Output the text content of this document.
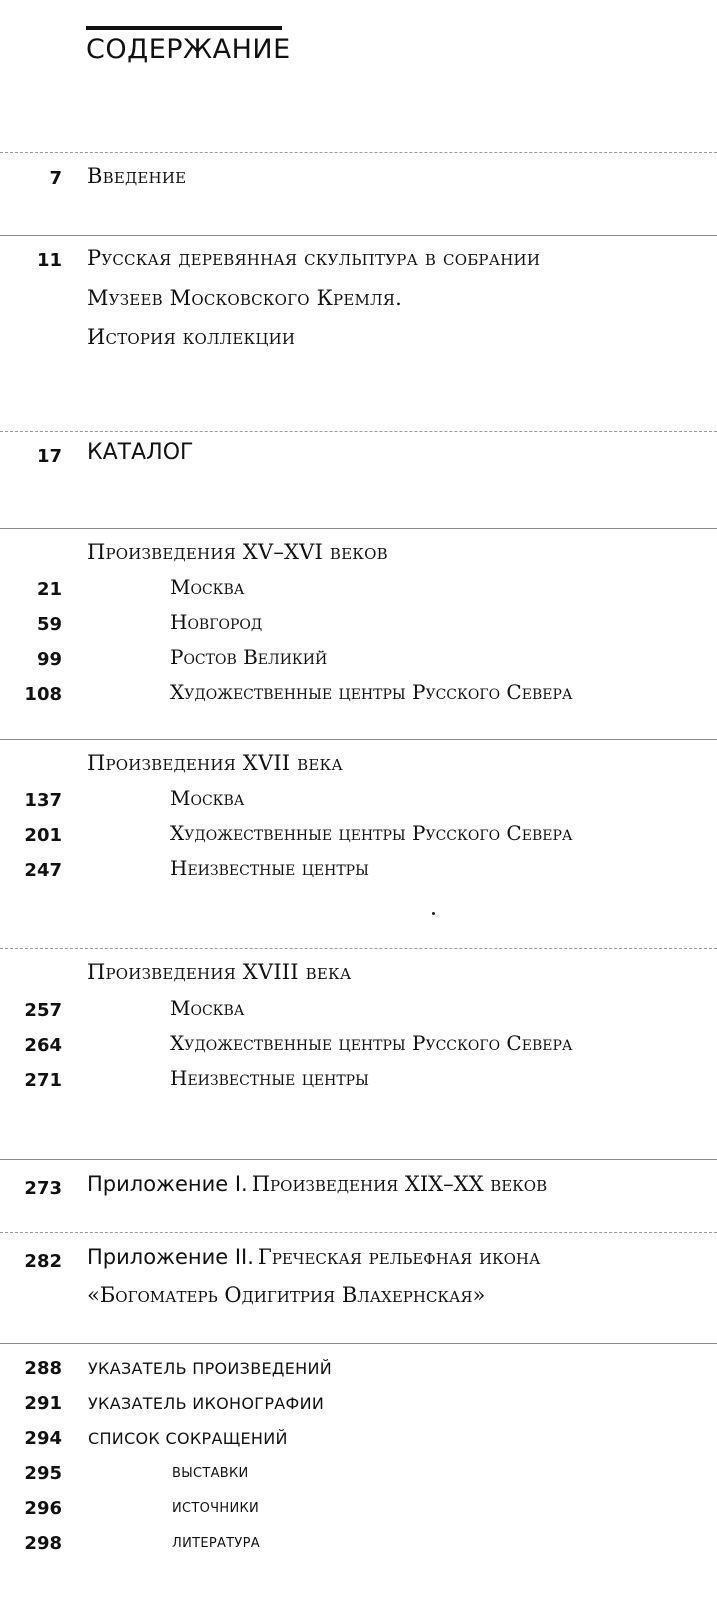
СОДЕРЖАНИЕ
7 Введение
11 Русская деревянная скульптура в собрании
Музеев Московского Кремля.
История коллекции
17 КАТАЛОГ
Произведения XV–XVI веков
21	Москва
59	Новгород
99	Ростов Великий
108	Художественные центры Русского Севера
Произведения XVII века
137	Москва
201	Художественные центры Русского Севера
247	Неизвестные центры
Произведения XVIII века
257	Москва
264	Художественные центры Русского Севера
271	Неизвестные центры
273 Приложение I. Произведения XIX–XX веков
282 Приложение II. Греческая рельефная икона
«Богоматерь Одигитрия Влахернская»
288 УКАЗАТЕЛЬ ПРОИЗВЕДЕНИЙ
291 УКАЗАТЕЛЬ ИКОНОГРАФИИ
294 СПИСОК СОКРАЩЕНИЙ
295	ВЫСТАВКИ
296	ИСТОЧНИКИ
298	ЛИТЕРАТУРА
